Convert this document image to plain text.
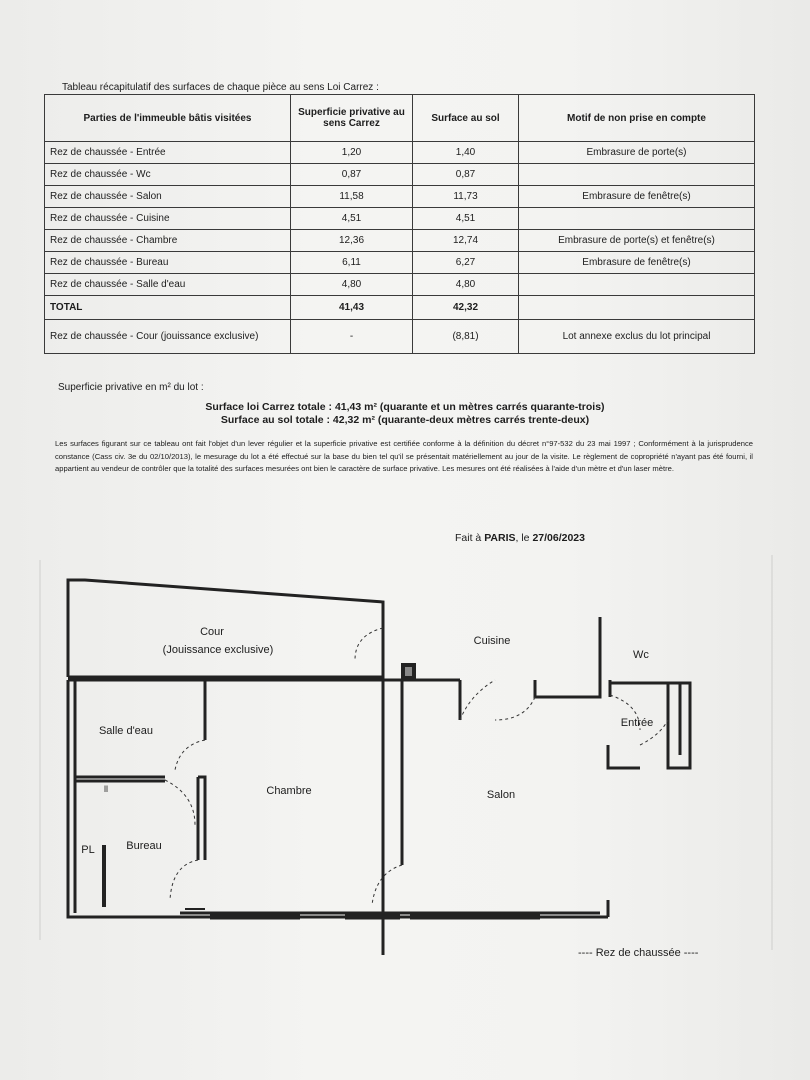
Tableau récapitulatif des surfaces de chaque pièce au sens Loi Carrez :
Parties de l'immeuble bâtis visitées	Superficie privative au sens Carrez	Surface au sol	Motif de non prise en compte
Rez de chaussée - Entrée	1,20	1,40	Embrasure de porte(s)
Rez de chaussée - Wc	0,87	0,87	
Rez de chaussée - Salon	11,58	11,73	Embrasure de fenêtre(s)
Rez de chaussée - Cuisine	4,51	4,51	
Rez de chaussée - Chambre	12,36	12,74	Embrasure de porte(s) et fenêtre(s)
Rez de chaussée - Bureau	6,11	6,27	Embrasure de fenêtre(s)
Rez de chaussée - Salle d'eau	4,80	4,80	
TOTAL	41,43	42,32	
Rez de chaussée - Cour (jouissance exclusive)	-	(8,81)	Lot annexe exclus du lot principal
Superficie privative en m² du lot :
Surface loi Carrez totale : 41,43 m² (quarante et un mètres carrés quarante-trois)
Surface au sol totale : 42,32 m² (quarante-deux mètres carrés trente-deux)
Les surfaces figurant sur ce tableau ont fait l'objet d'un lever régulier et la superficie privative est certifiée conforme à la définition du décret n°97-532 du 23 mai 1997 ; Conformément à la jurisprudence constance (Cass civ. 3e du 02/10/2013), le mesurage du lot a été effectué sur la base du bien tel qu'il se présentait matériellement au jour de la visite. Le règlement de copropriété n'ayant pas été fourni, il appartient au vendeur de contrôler que la totalité des surfaces mesurées ont bien le caractère de surface privative. Les mesures ont été réalisées à l'aide d'un mètre et d'un laser mètre.
Fait à PARIS, le 27/06/2023
Cour
(Jouissance exclusive)
Cuisine
Wc
Entrée
Salle d'eau
Chambre	Salon
Bureau
PL
ll
---- Rez de chaussée ----
